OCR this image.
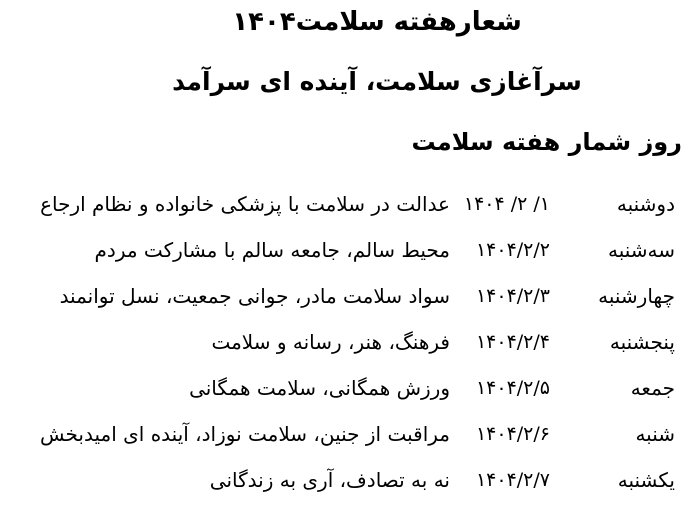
شعارهفته سلامت۱۴۰۴
سرآغازی سلامت، آینده ای سرآمد
روز شمار هفته سلامت
دوشنبه
۱۴۰۴ /۲ /۱
عدالت در سلامت با پزشکی خانواده و نظام ارجاع
سه‌شنبه
۱۴۰۴/۲/۲
محیط سالم، جامعه سالم با مشارکت مردم
چهارشنبه
۱۴۰۴/۲/۳
سواد سلامت مادر، جوانی جمعیت، نسل توانمند
پنجشنبه
۱۴۰۴/۲/۴
فرهنگ، هنر، رسانه و سلامت
جمعه
۱۴۰۴/۲/۵
ورزش همگانی، سلامت همگانی
شنبه
۱۴۰۴/۲/۶
مراقبت از جنین، سلامت نوزاد، آینده ای امیدبخش
یکشنبه
۱۴۰۴/۲/۷
نه به تصادف، آری به زندگانی
